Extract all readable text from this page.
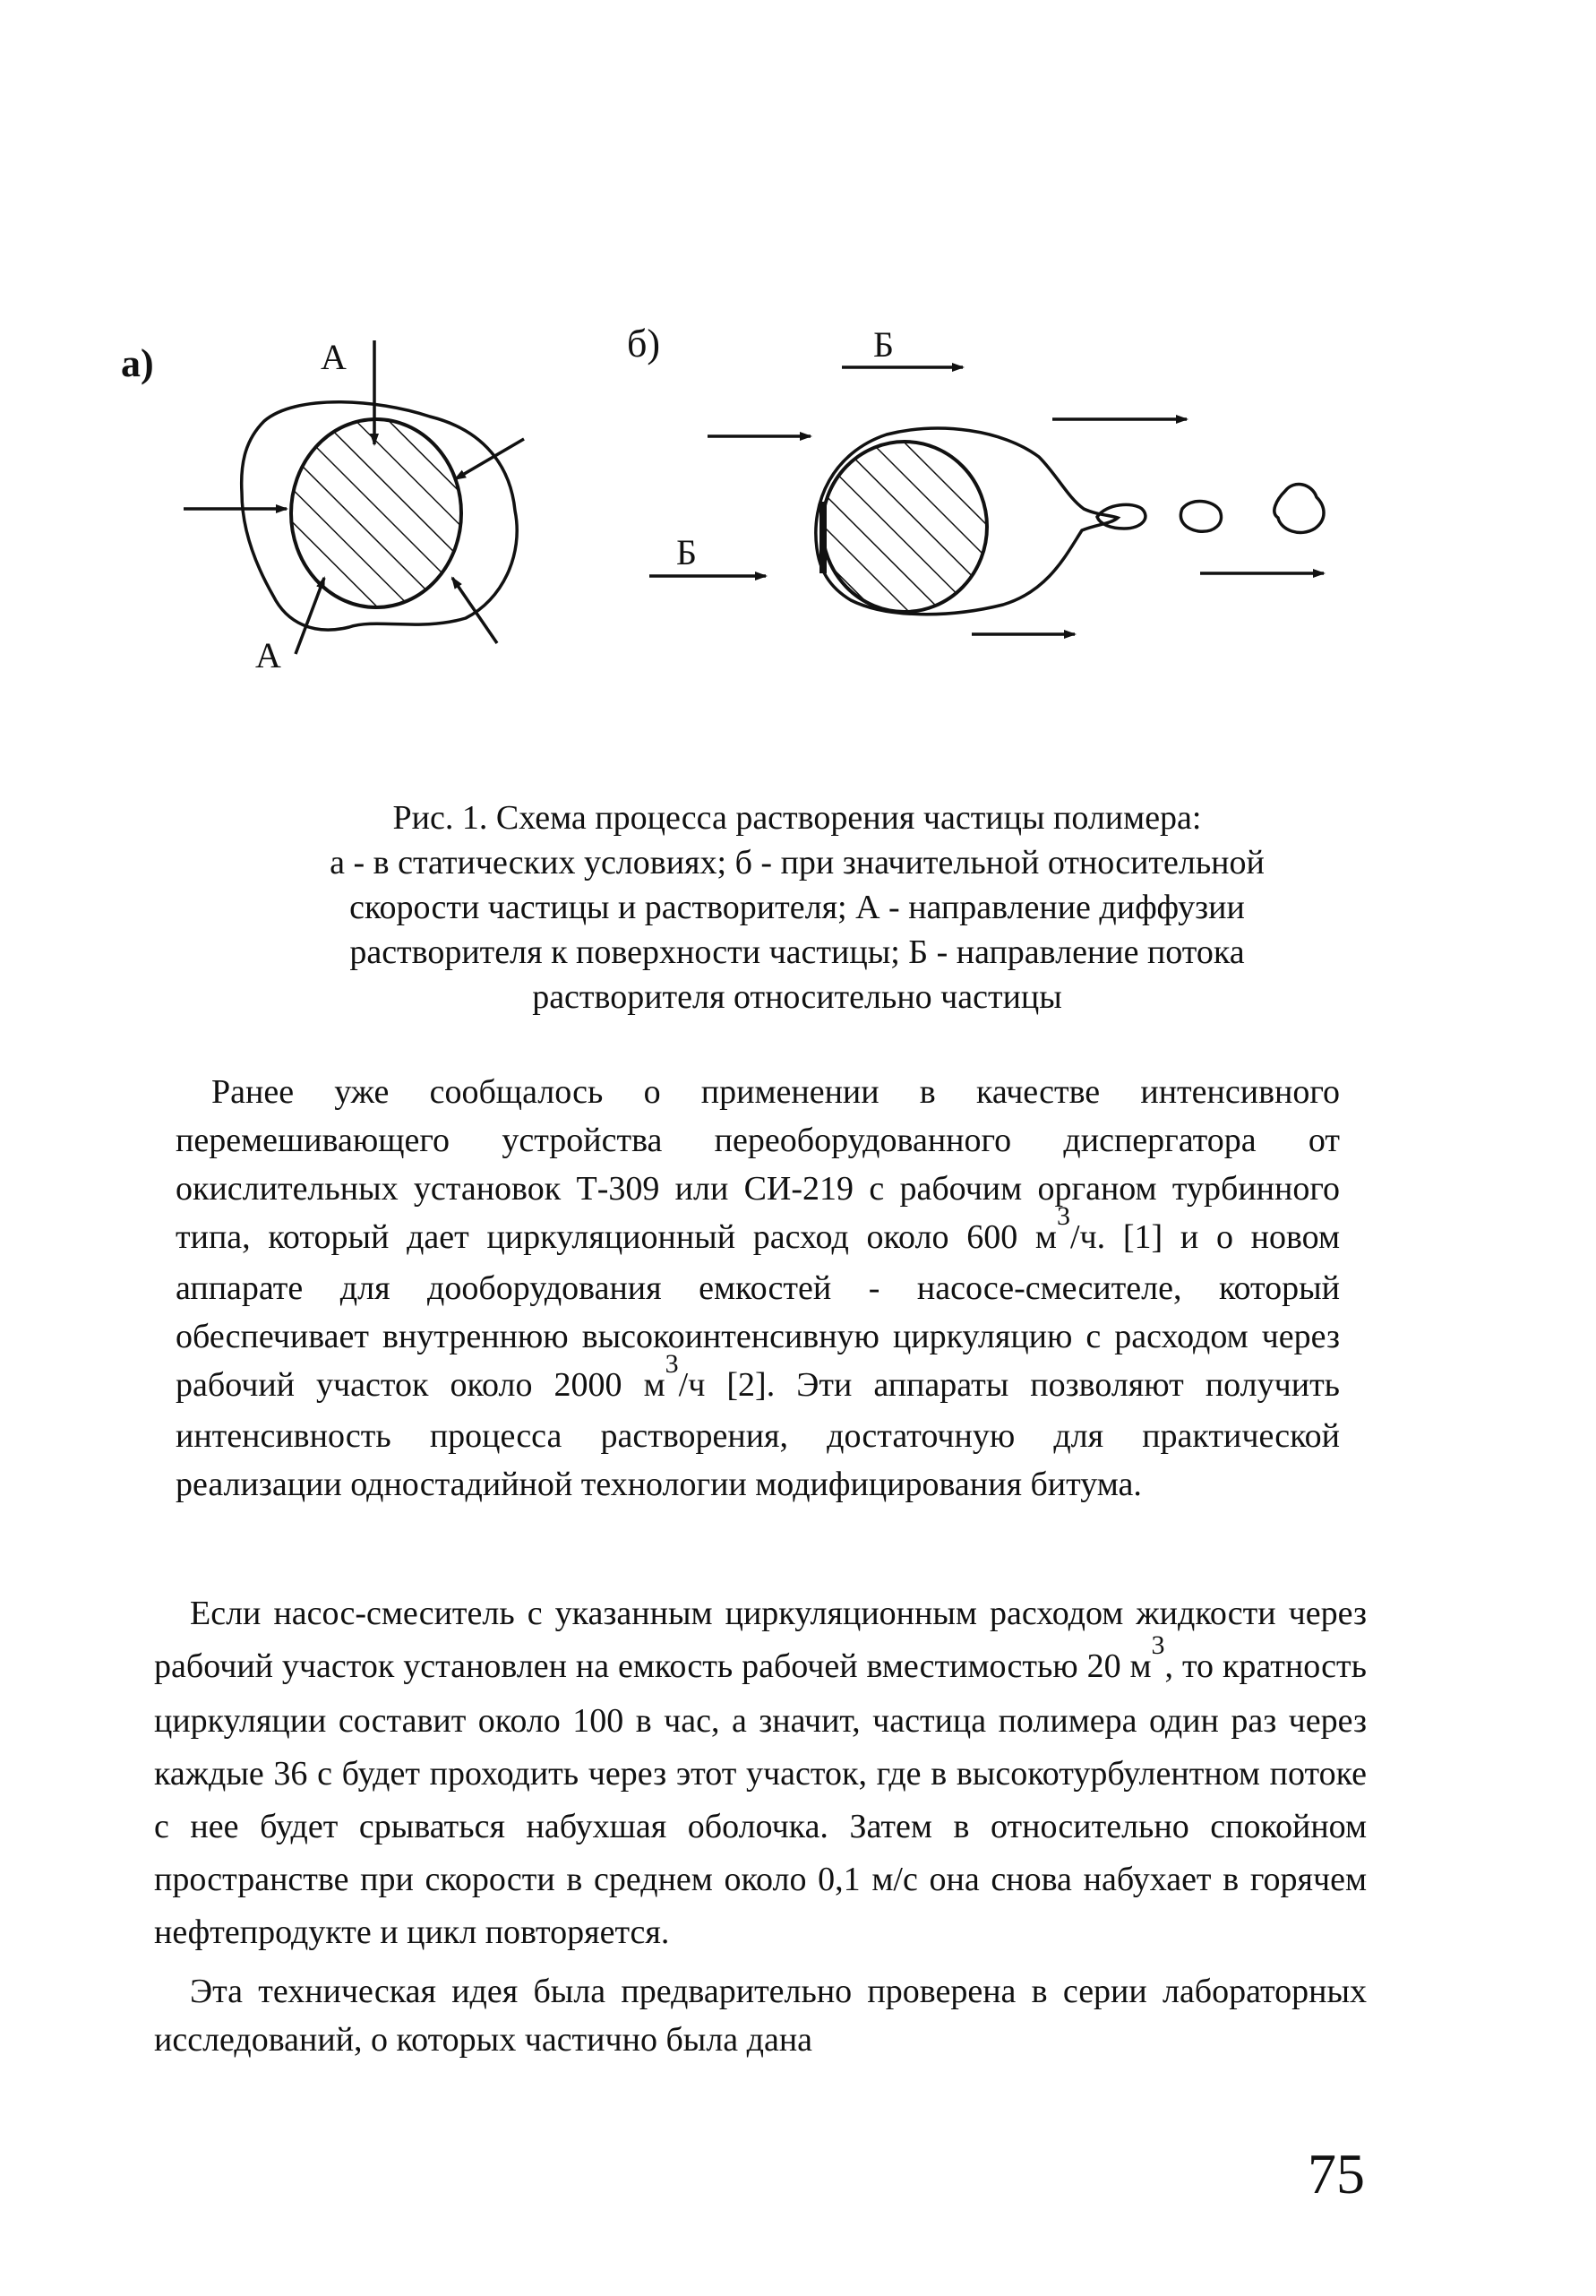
а)	А
А
б)	Б
Б
Рис. 1. Схема процесса растворения частицы полимера:
а - в статических условиях; б - при значительной относительной
скорости частицы и растворителя; А - направление диффузии
растворителя к поверхности частицы; Б - направление потока
растворителя относительно частицы

Ранее уже сообщалось о применении в качестве интенсивного перемешивающего устройства переоборудованного диспергатора от окислительных установок Т-309 или СИ-219 с рабочим органом турбинного типа, который дает циркуляционный расход около 600 $м^3/ч$. [1] и о новом аппарате для дооборудования емкостей - насосе-смесителе, который обеспечивает внутреннюю высокоинтенсивную циркуляцию с расходом через рабочий участок около 2000 $м^3/ч$ [2]. Эти аппараты позволяют получить интенсивность процесса растворения, достаточную для практической реализации одностадийной технологии модифицирования битума.

Если насос-смеситель с указанным циркуляционным расходом жидкости через рабочий участок установлен на емкость рабочей вместимостью 20 $м^3$, то кратность циркуляции составит около 100 в час, а значит, частица полимера один раз через каждые 36 с будет проходить через этот участок, где в высокотурбулентном потоке с нее будет срываться набухшая оболочка. Затем в относительно спокойном пространстве при скорости в среднем около 0,1 м/с она снова набухает в горячем нефтепродукте и цикл повторяется.

Эта техническая идея была предварительно проверена в серии лабораторных исследований, о которых частично была дана

75
